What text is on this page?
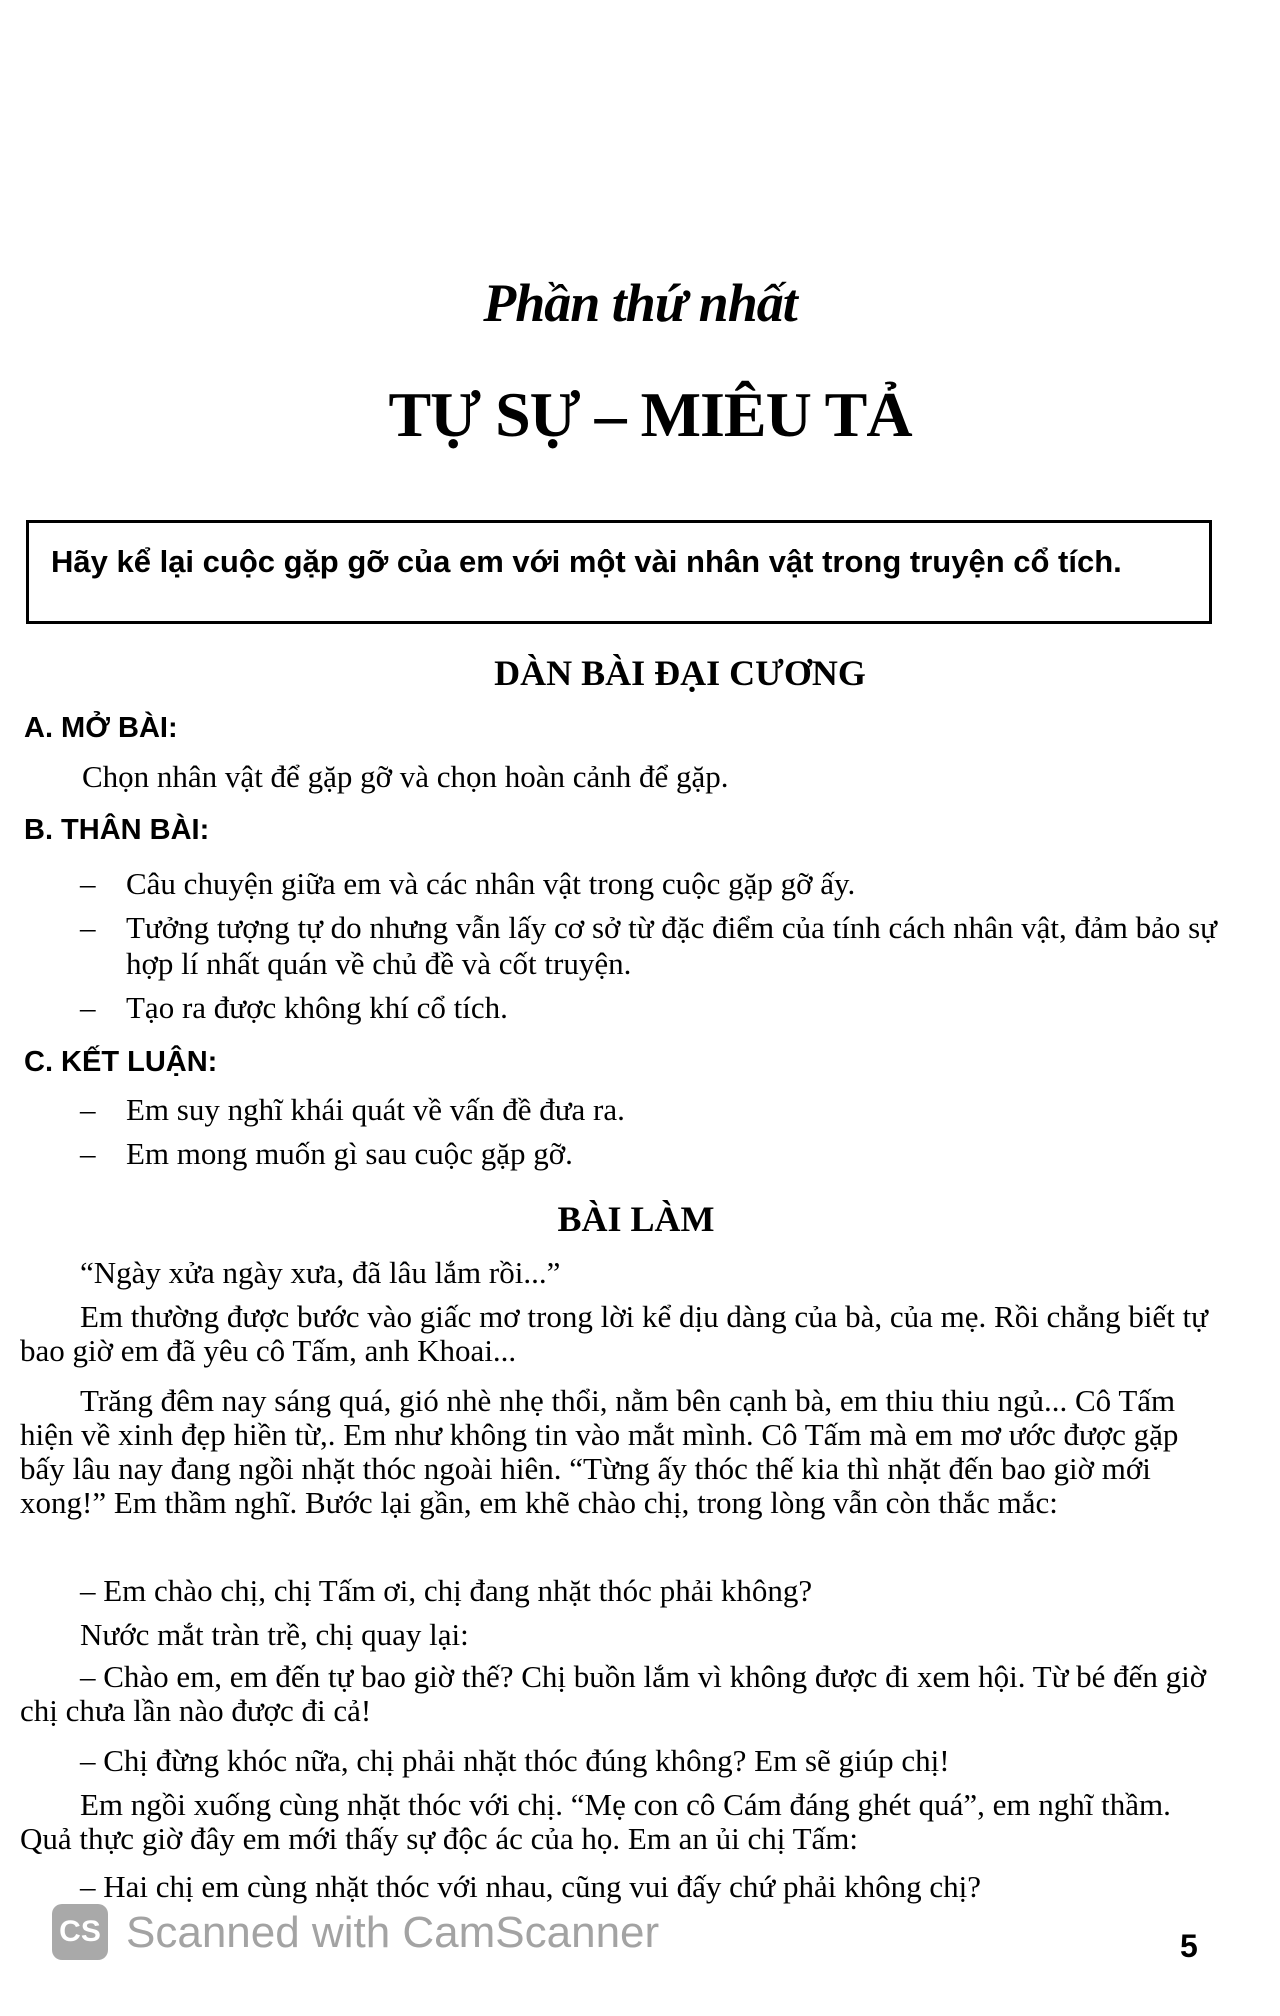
Phần thứ nhất
TỰ SỰ – MIÊU TẢ
Hãy kể lại cuộc gặp gỡ của em với một vài nhân vật trong truyện cổ tích.
DÀN BÀI ĐẠI CƯƠNG
A. MỞ BÀI:
Chọn nhân vật để gặp gỡ và chọn hoàn cảnh để gặp.
B. THÂN BÀI:
– Câu chuyện giữa em và các nhân vật trong cuộc gặp gỡ ấy.
– Tưởng tượng tự do nhưng vẫn lấy cơ sở từ đặc điểm của tính cách nhân vật, đảm bảo sự hợp lí nhất quán về chủ đề và cốt truyện.
– Tạo ra được không khí cổ tích.
C. KẾT LUẬN:
– Em suy nghĩ khái quát về vấn đề đưa ra.
– Em mong muốn gì sau cuộc gặp gỡ.
BÀI LÀM
“Ngày xửa ngày xưa, đã lâu lắm rồi...”
Em thường được bước vào giấc mơ trong lời kể dịu dàng của bà, của mẹ. Rồi chẳng biết tự bao giờ em đã yêu cô Tấm, anh Khoai...
Trăng đêm nay sáng quá, gió nhè nhẹ thổi, nằm bên cạnh bà, em thiu thiu ngủ... Cô Tấm hiện về xinh đẹp hiền từ,. Em như không tin vào mắt mình. Cô Tấm mà em mơ ước được gặp bấy lâu nay đang ngồi nhặt thóc ngoài hiên. “Từng ấy thóc thế kia thì nhặt đến bao giờ mới xong!” Em thầm nghĩ. Bước lại gần, em khẽ chào chị, trong lòng vẫn còn thắc mắc:
– Em chào chị, chị Tấm ơi, chị đang nhặt thóc phải không?
Nước mắt tràn trề, chị quay lại:
– Chào em, em đến tự bao giờ thế? Chị buồn lắm vì không được đi xem hội. Từ bé đến giờ chị chưa lần nào được đi cả!
– Chị đừng khóc nữa, chị phải nhặt thóc đúng không? Em sẽ giúp chị!
Em ngồi xuống cùng nhặt thóc với chị. “Mẹ con cô Cám đáng ghét quá”, em nghĩ thầm. Quả thực giờ đây em mới thấy sự độc ác của họ. Em an ủi chị Tấm:
– Hai chị em cùng nhặt thóc với nhau, cũng vui đấy chứ phải không chị?
CS Scanned with CamScanner	5
